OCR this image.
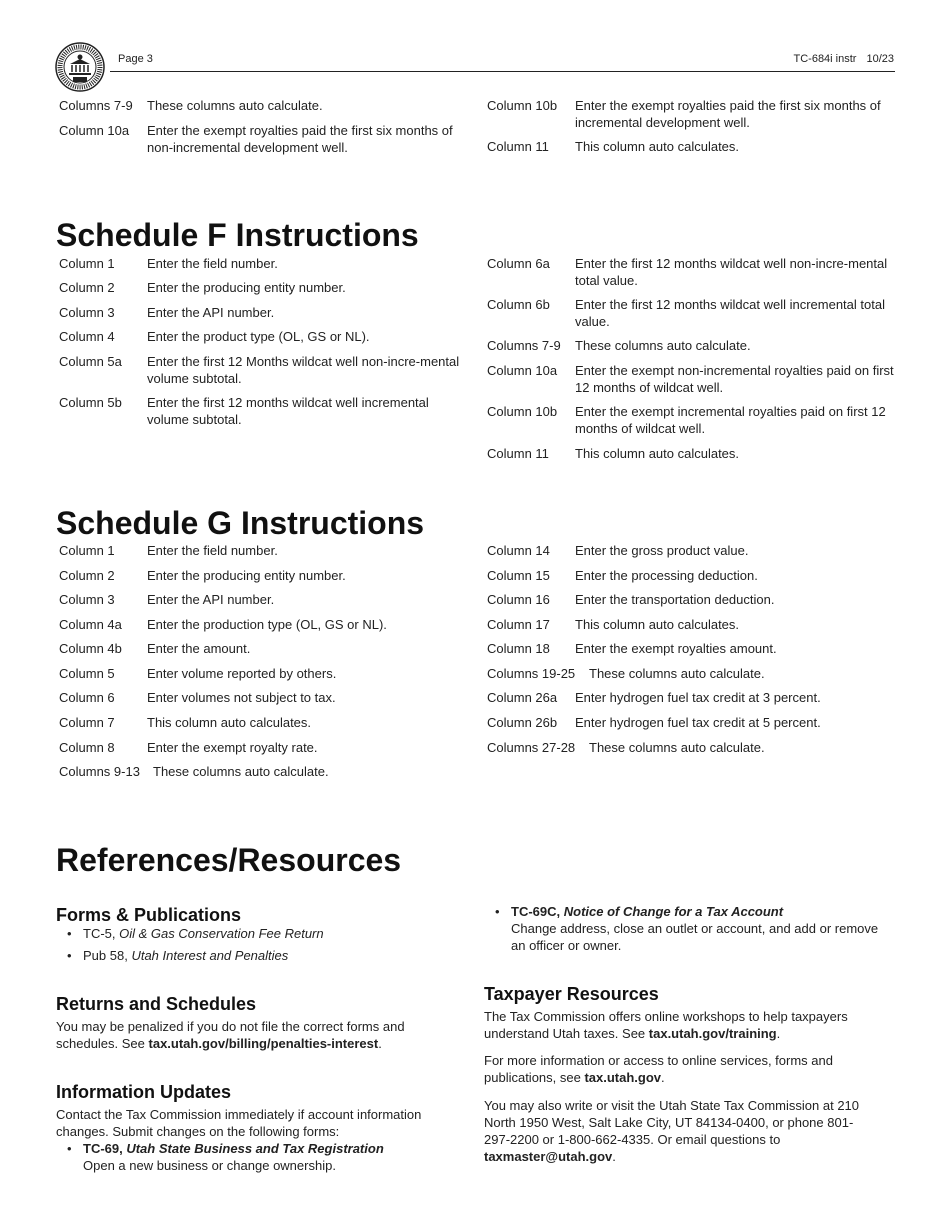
Page 3	TC-684i instr 10/23
Columns 7-9 These columns auto calculate.
Column 10a Enter the exempt royalties paid the first six months of non-incremental development well.
Column 10b Enter the exempt royalties paid the first six months of incremental development well.
Column 11 This column auto calculates.
Schedule F Instructions
Column 1 Enter the field number.
Column 2 Enter the producing entity number.
Column 3 Enter the API number.
Column 4 Enter the product type (OL, GS or NL).
Column 5a Enter the first 12 Months wildcat well non-incre-mental volume subtotal.
Column 5b Enter the first 12 months wildcat well incremental volume subtotal.
Column 6a Enter the first 12 months wildcat well non-incre-mental total value.
Column 6b Enter the first 12 months wildcat well incremental total value.
Columns 7-9 These columns auto calculate.
Column 10a Enter the exempt non-incremental royalties paid on first 12 months of wildcat well.
Column 10b Enter the exempt incremental royalties paid on first 12 months of wildcat well.
Column 11 This column auto calculates.
Schedule G Instructions
Column 1 Enter the field number.
Column 2 Enter the producing entity number.
Column 3 Enter the API number.
Column 4a Enter the production type (OL, GS or NL).
Column 4b Enter the amount.
Column 5 Enter volume reported by others.
Column 6 Enter volumes not subject to tax.
Column 7 This column auto calculates.
Column 8 Enter the exempt royalty rate.
Columns 9-13 These columns auto calculate.
Column 14 Enter the gross product value.
Column 15 Enter the processing deduction.
Column 16 Enter the transportation deduction.
Column 17 This column auto calculates.
Column 18 Enter the exempt royalties amount.
Columns 19-25 These columns auto calculate.
Column 26a Enter hydrogen fuel tax credit at 3 percent.
Column 26b Enter hydrogen fuel tax credit at 5 percent.
Columns 27-28 These columns auto calculate.
References/Resources
Forms & Publications
• TC-5, Oil & Gas Conservation Fee Return
• Pub 58, Utah Interest and Penalties
Returns and Schedules
You may be penalized if you do not file the correct forms and schedules. See tax.utah.gov/billing/penalties-interest.
Information Updates
Contact the Tax Commission immediately if account information changes. Submit changes on the following forms:
• TC-69, Utah State Business and Tax Registration
Open a new business or change ownership.
• TC-69C, Notice of Change for a Tax Account
Change address, close an outlet or account, and add or remove an officer or owner.
Taxpayer Resources
The Tax Commission offers online workshops to help taxpayers understand Utah taxes. See tax.utah.gov/training.
For more information or access to online services, forms and publications, see tax.utah.gov.
You may also write or visit the Utah State Tax Commission at 210 North 1950 West, Salt Lake City, UT 84134-0400, or phone 801-297-2200 or 1-800-662-4335. Or email questions to taxmaster@utah.gov.
